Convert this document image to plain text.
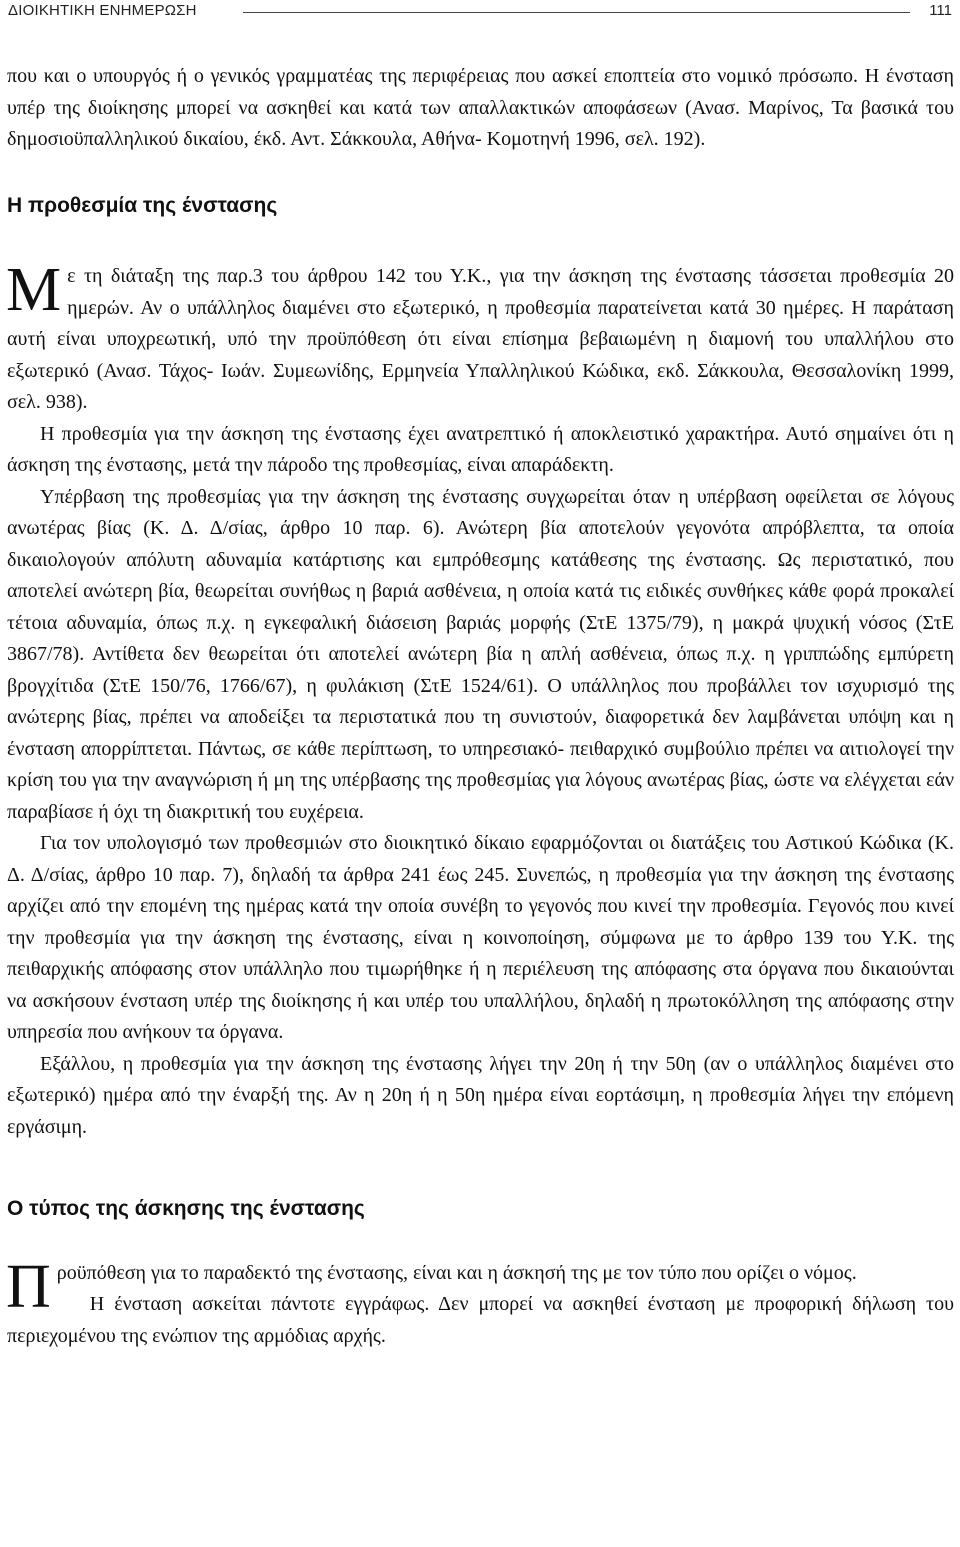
ΔΙΟΙΚΗΤΙΚΗ ΕΝΗΜΕΡΩΣΗ	111

που και ο υπουργός ή ο γενικός γραμματέας της περιφέρειας που ασκεί εποπτεία στο νομικό πρόσωπο. Η ένσταση υπέρ της διοίκησης μπορεί να ασκηθεί και κατά των απαλλακτικών αποφάσεων (Ανασ. Μαρίνος, Τα βασικά του δημοσιοϋπαλληλικού δικαίου, έκδ. Αντ. Σάκκουλα, Αθήνα- Κομοτηνή 1996, σελ. 192).

Η προθεσμία της ένστασης

Με τη διάταξη της παρ.3 του άρθρου 142 του Υ.Κ., για την άσκηση της ένστασης τάσσεται προθεσμία 20 ημερών. Αν ο υπάλληλος διαμένει στο εξωτερικό, η προθεσμία παρατείνεται κατά 30 ημέρες. Η παράταση αυτή είναι υποχρεωτική, υπό την προϋπόθεση ότι είναι επίσημα βεβαιωμένη η διαμονή του υπαλλήλου στο εξωτερικό (Ανασ. Τάχος- Ιωάν. Συμεωνίδης, Ερμηνεία Υπαλληλικού Κώδικα, εκδ. Σάκκουλα, Θεσσαλονίκη 1999, σελ. 938).

Η προθεσμία για την άσκηση της ένστασης έχει ανατρεπτικό ή αποκλειστικό χαρακτήρα. Αυτό σημαίνει ότι η άσκηση της ένστασης, μετά την πάροδο της προθεσμίας, είναι απαράδεκτη.

Υπέρβαση της προθεσμίας για την άσκηση της ένστασης συγχωρείται όταν η υπέρβαση οφείλεται σε λόγους ανωτέρας βίας (Κ. Δ. Δ/σίας, άρθρο 10 παρ. 6). Ανώτερη βία αποτελούν γεγονότα απρόβλεπτα, τα οποία δικαιολογούν απόλυτη αδυναμία κατάρτισης και εμπρόθεσμης κατάθεσης της ένστασης. Ως περιστατικό, που αποτελεί ανώτερη βία, θεωρείται συνήθως η βαριά ασθένεια, η οποία κατά τις ειδικές συνθήκες κάθε φορά προκαλεί τέτοια αδυναμία, όπως π.χ. η εγκεφαλική διάσειση βαριάς μορφής (ΣτΕ 1375/79), η μακρά ψυχική νόσος (ΣτΕ 3867/78). Αντίθετα δεν θεωρείται ότι αποτελεί ανώτερη βία η απλή ασθένεια, όπως π.χ. η γριππώδης εμπύρετη βρογχίτιδα (ΣτΕ 150/76, 1766/67), η φυλάκιση (ΣτΕ 1524/61). Ο υπάλληλος που προβάλλει τον ισχυρισμό της ανώτερης βίας, πρέπει να αποδείξει τα περιστατικά που τη συνιστούν, διαφορετικά δεν λαμβάνεται υπόψη και η ένσταση απορρίπτεται. Πάντως, σε κάθε περίπτωση, το υπηρεσιακό- πειθαρχικό συμβούλιο πρέπει να αιτιολογεί την κρίση του για την αναγνώριση ή μη της υπέρβασης της προθεσμίας για λόγους ανωτέρας βίας, ώστε να ελέγχεται εάν παραβίασε ή όχι τη διακριτική του ευχέρεια.

Για τον υπολογισμό των προθεσμιών στο διοικητικό δίκαιο εφαρμόζονται οι διατάξεις του Αστικού Κώδικα (Κ. Δ. Δ/σίας, άρθρο 10 παρ. 7), δηλαδή τα άρθρα 241 έως 245. Συνεπώς, η προθεσμία για την άσκηση της ένστασης αρχίζει από την επομένη της ημέρας κατά την οποία συνέβη το γεγονός που κινεί την προθεσμία. Γεγονός που κινεί την προθεσμία για την άσκηση της ένστασης, είναι η κοινοποίηση, σύμφωνα με το άρθρο 139 του Υ.Κ. της πειθαρχικής απόφασης στον υπάλληλο που τιμωρήθηκε ή η περιέλευση της απόφασης στα όργανα που δικαιούνται να ασκήσουν ένσταση υπέρ της διοίκησης ή και υπέρ του υπαλλήλου, δηλαδή η πρωτοκόλληση της απόφασης στην υπηρεσία που ανήκουν τα όργανα.

Εξάλλου, η προθεσμία για την άσκηση της ένστασης λήγει την 20η ή την 50η (αν ο υπάλληλος διαμένει στο εξωτερικό) ημέρα από την έναρξή της. Αν η 20η ή η 50η ημέρα είναι εορτάσιμη, η προθεσμία λήγει την επόμενη εργάσιμη.

Ο τύπος της άσκησης της ένστασης

Προϋπόθεση για το παραδεκτό της ένστασης, είναι και η άσκησή της με τον τύπο που ορίζει ο νόμος.

Η ένσταση ασκείται πάντοτε εγγράφως. Δεν μπορεί να ασκηθεί ένσταση με προφορική δήλωση του περιεχομένου της ενώπιον της αρμόδιας αρχής.
